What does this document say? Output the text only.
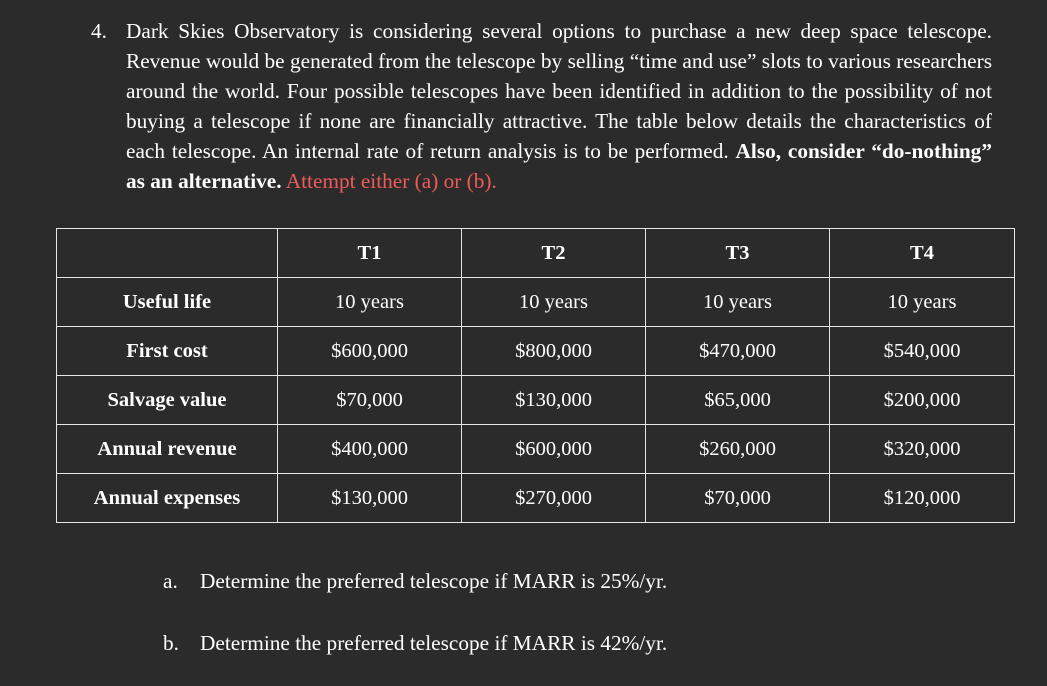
4. Dark Skies Observatory is considering several options to purchase a new deep space telescope. Revenue would be generated from the telescope by selling “time and use” slots to various researchers around the world. Four possible telescopes have been identified in addition to the possibility of not buying a telescope if none are financially attractive. The table below details the characteristics of each telescope. An internal rate of return analysis is to be performed. Also, consider “do-nothing” as an alternative. Attempt either (a) or (b).
	T1	T2	T3	T4
Useful life	10 years	10 years	10 years	10 years
First cost	$600,000	$800,000	$470,000	$540,000
Salvage value	$70,000	$130,000	$65,000	$200,000
Annual revenue	$400,000	$600,000	$260,000	$320,000
Annual expenses	$130,000	$270,000	$70,000	$120,000
a. Determine the preferred telescope if MARR is 25%/yr.
b. Determine the preferred telescope if MARR is 42%/yr.
